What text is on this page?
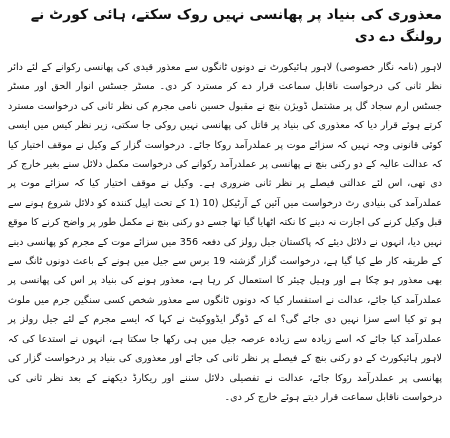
معذوری کی بنیاد پر پھانسی نہیں روک سکتے، ہائی کورٹ نے رولنگ دے دی

لاہور (نامہ نگار خصوصی) لاہور ہائیکورٹ نے دونوں ٹانگوں سے معذور قیدی کی پھانسی رکوانے کے لئے دائر نظر ثانی کی درخواست ناقابل سماعت قرار دے کر مسترد کر دی۔ مسٹر جسٹس انوار الحق اور مسٹر جسٹس ارم سجاد گل پر مشتمل ڈویژن بنچ نے مقبول حسین نامی مجرم کی نظر ثانی کی درخواست مسترد کرتے ہوئے قرار دیا کہ معذوری کی بنیاد پر قاتل کی پھانسی نہیں روکی جا سکتی، زیر نظر کیس میں ایسی کوئی قانونی وجہ نہیں کہ سزائے موت پر عملدرآمد روکا جائے۔ درخواست گزار کے وکیل نے موقف اختیار کیا کہ عدالت عالیہ کے دو رکنی بنچ نے پھانسی پر عملدرآمد رکوانے کی درخواست مکمل دلائل سنے بغیر خارج کر دی تھی، اس لئے عدالتی فیصلے پر نظر ثانی ضروری ہے۔ وکیل نے موقف اختیار کیا کہ سزائے موت پر عملدرآمد کی بنیادی رٹ درخواست میں آئین کے آرٹیکل (10 (1 کے تحت اپیل کنندہ کو دلائل شروع ہونے سے قبل وکیل کرنے کی اجازت نہ دینے کا نکتہ اٹھایا گیا تھا جسے دو رکنی بنچ نے مکمل طور پر واضح کرنے کا موقع نہیں دیا، انہوں نے دلائل دیئے کہ پاکستان جیل رولز کی دفعہ 356 میں سزائے موت کے مجرم کو پھانسی دینے کے طریقہ کار طے کیا گیا ہے، درخواست گزار گزشتہ 19 برس سے جیل میں ہونے کے باعث دونوں ٹانگ سے بھی معذور ہو چکا ہے اور وہیل چیئر کا استعمال کر رہا ہے، معذور ہونے کی بنیاد پر اس کی پھانسی پر عملدرآمد کیا جائے، عدالت نے استفسار کیا کہ دونوں ٹانگوں سے معذور شخص کسی سنگین جرم میں ملوث ہو تو کیا اسے سزا نہیں دی جائے گی؟ اے کے ڈوگر ایڈووکیٹ نے کہا کہ ایسے مجرم کے لئے جیل رولز پر عملدرآمد کیا جائے کہ اسے زیادہ سے زیادہ عرصہ جیل میں ہی رکھا جا سکتا ہے، انہوں نے استدعا کی کہ لاہور ہائیکورٹ کے دو رکنی بنچ کے فیصلے پر نظر ثانی کی جائے اور معذوری کی بنیاد پر درخواست گزار کی پھانسی پر عملدرآمد روکا جائے، عدالت نے تفصیلی دلائل سننے اور ریکارڈ دیکھنے کے بعد نظر ثانی کی درخواست ناقابل سماعت قرار دیتے ہوئے خارج کر دی۔
